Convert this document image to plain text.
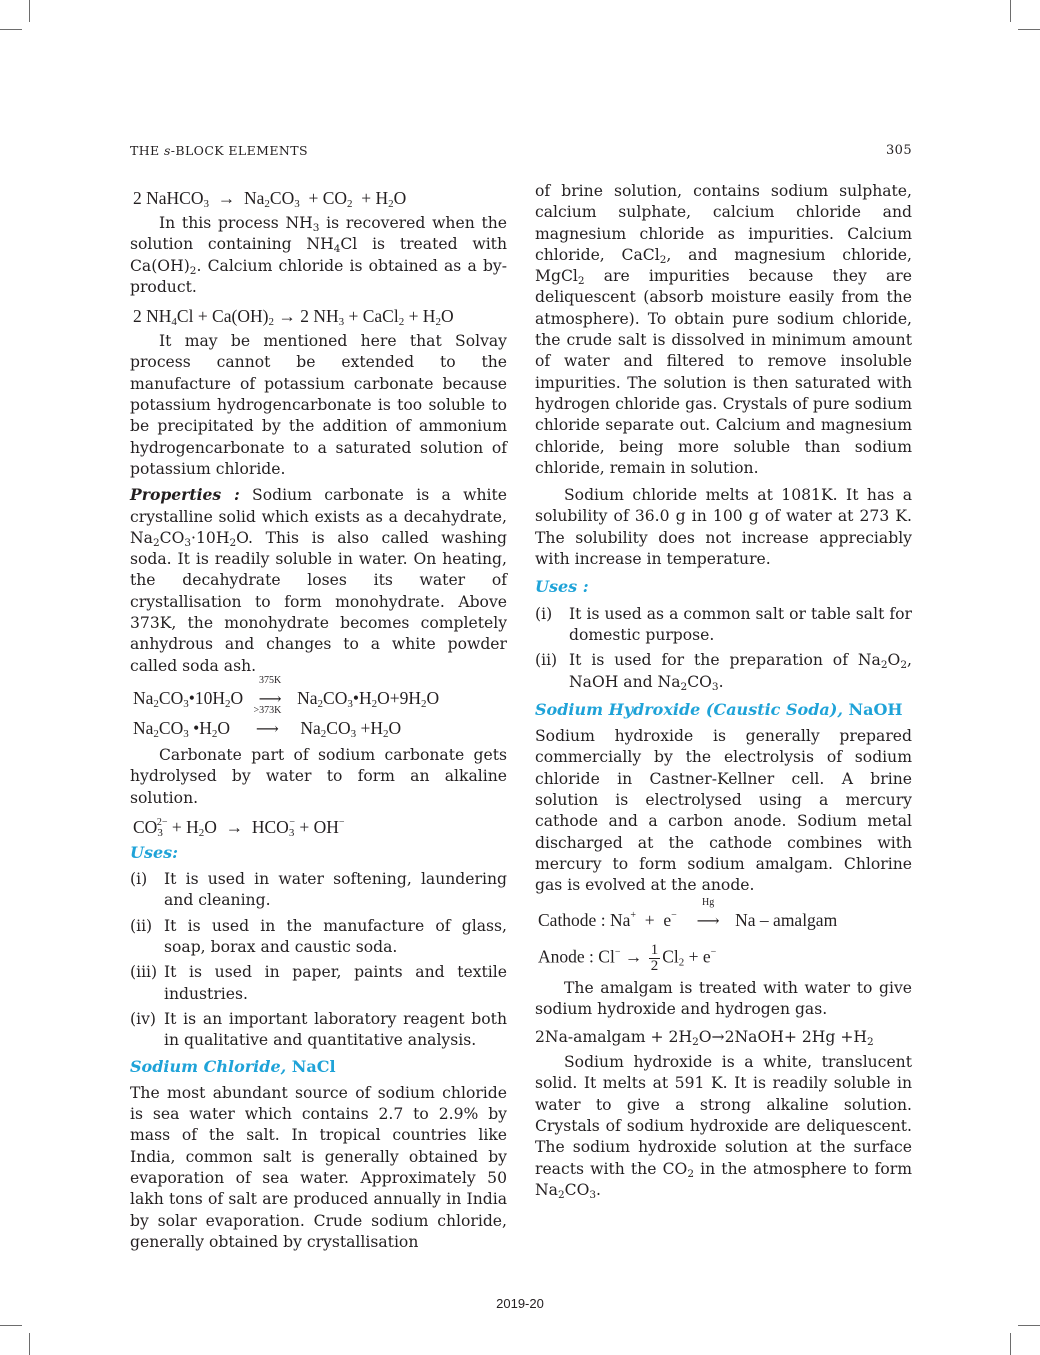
THE s-BLOCK ELEMENTS	305
2 NaHCO$_3$  →  $Na_2CO_3 + CO_2 + H_2O$

In this process $NH_3$ is recovered when the solution containing $NH_4Cl$ is treated with $Ca(OH)_2$. Calcium chloride is obtained as a by-product.

2 $NH_4Cl + Ca(OH)_2 \to 2$ $NH_3$ + CaCl$_2$ + $H_2O$

It may be mentioned here that Solvay process cannot be extended to the manufacture of potassium carbonate because potassium hydrogencarbonate is too soluble to be precipitated by the addition of ammonium hydrogencarbonate to a saturated solution of potassium chloride.

Properties : Sodium carbonate is a white crystalline solid which exists as a decahydrate, $Na_2CO_3\cdot 10H_2O$. This is also called washing soda. It is readily soluble in water. On heating, the decahydrate loses its water of crystallisation to form monohydrate. Above 373K, the monohydrate becomes completely anhydrous and changes to a white powder called soda ash.

$Na_2CO_3•10H_2O$
375K
⟶ $Na_2CO_3•H_2O+9H_2O$
$Na_2CO_3$ $•H_2O$
>373K
⟶ $Na_2CO_3 +H_2O$

Carbonate part of sodium carbonate gets hydrolysed by water to form an alkaline solution.

$CO_3^{2-} + H_2O \to HCO_3^- + OH^-$
Uses:
(i) It is used in water softening, laundering and cleaning.
(ii) It is used in the manufacture of glass, soap, borax and caustic soda.
(iii) It is used in paper, paints and textile industries.
(iv) It is an important laboratory reagent both in qualitative and quantitative analysis.
Sodium Chloride, NaCl

The most abundant source of sodium chloride is sea water which contains 2.7 to 2.9% by mass of the salt. In tropical countries like India, common salt is generally obtained by evaporation of sea water. Approximately 50 lakh tons of salt are produced annually in India by solar evaporation. Crude sodium chloride, generally obtained by crystallisation

of brine solution, contains sodium sulphate, calcium sulphate, calcium chloride and magnesium chloride as impurities. Calcium chloride, CaCl$_2$, and magnesium chloride, MgCl$_2$ are impurities because they are deliquescent (absorb moisture easily from the atmosphere). To obtain pure sodium chloride, the crude salt is dissolved in minimum amount of water and filtered to remove insoluble impurities. The solution is then saturated with hydrogen chloride gas. Crystals of pure sodium chloride separate out. Calcium and magnesium chloride, being more soluble than sodium chloride, remain in solution.

Sodium chloride melts at 1081K. It has a solubility of 36.0 g in 100 g of water at 273 K. The solubility does not increase appreciably with increase in temperature.

Uses :
(i) It is used as a common salt or table salt for domestic purpose.
(ii) It is used for the preparation of $Na_2O_2$, NaOH and $Na_2CO_3$.
Sodium Hydroxide (Caustic Soda), NaOH

Sodium hydroxide is generally prepared commercially by the electrolysis of sodium chloride in Castner-Kellner cell. A brine solution is electrolysed using a mercury cathode and a carbon anode. Sodium metal discharged at the cathode combines with mercury to form sodium amalgam. Chlorine gas is evolved at the anode.

Cathode : Na+  +  e−
Hg
⟶ Na – amalgam
Anode : $Cl^- \to \frac{1}{2} Cl_2 + e^-$

The amalgam is treated with water to give sodium hydroxide and hydrogen gas.

2Na-amalgam + $2H_2O\to 2NaOH+ 2Hg +H_2$

Sodium hydroxide is a white, translucent solid. It melts at 591 K. It is readily soluble in water to give a strong alkaline solution. Crystals of sodium hydroxide are deliquescent. The sodium hydroxide solution at the surface reacts with the $CO_2$ in the atmosphere to form $Na_2CO_3$.

2019-20
